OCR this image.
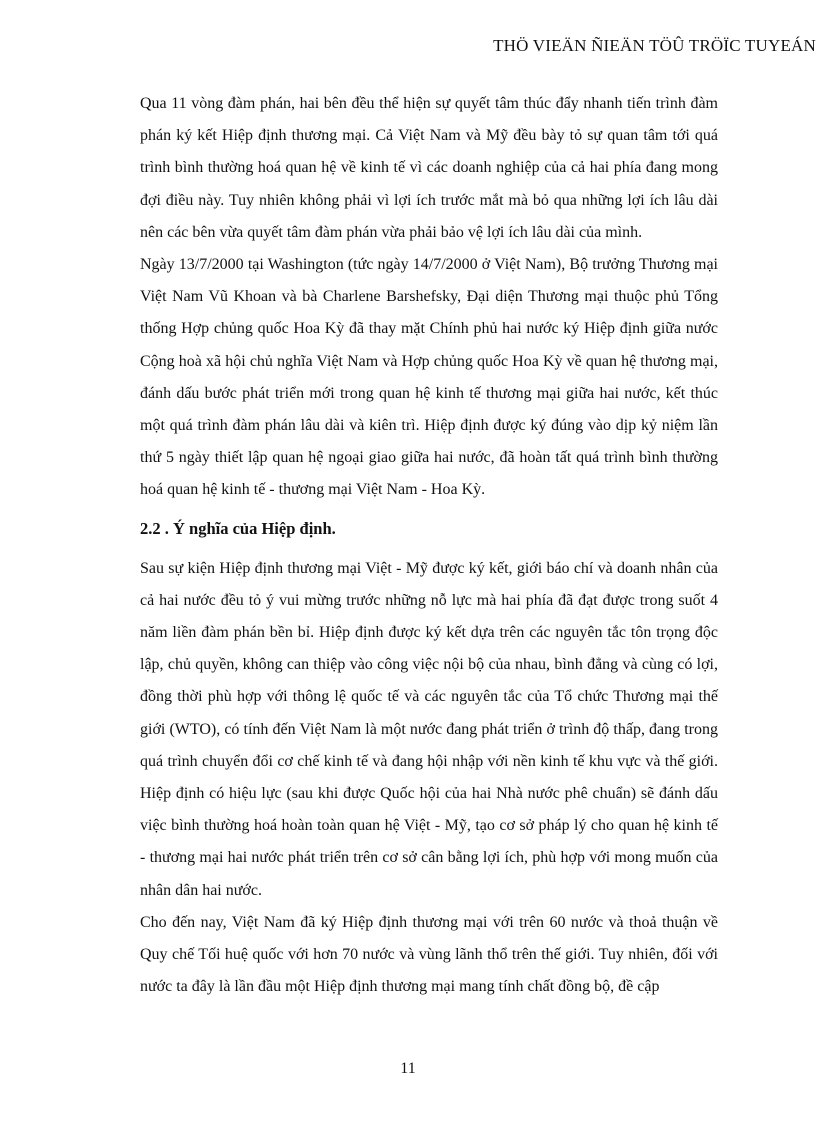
THÖ VIEÄN ÑIEÄN TÖÛ TRÖÏC TUYEÁN

Qua 11 vòng đàm phán, hai bên đều thể hiện sự quyết tâm thúc đẩy nhanh tiến trình đàm phán ký kết Hiệp định thương mại. Cả Việt Nam và Mỹ đều bày tỏ sự quan tâm tới quá trình bình thường hoá quan hệ về kinh tế vì các doanh nghiệp của cả hai phía đang mong đợi điều này. Tuy nhiên không phải vì lợi ích trước mắt mà bỏ qua những lợi ích lâu dài nên các bên vừa quyết tâm đàm phán vừa phải bảo vệ lợi ích lâu dài của mình.

Ngày 13/7/2000 tại Washington (tức ngày 14/7/2000 ở Việt Nam), Bộ trưởng Thương mại Việt Nam Vũ Khoan và bà Charlene Barshefsky, Đại diện Thương mại thuộc phủ Tổng thống Hợp chủng quốc Hoa Kỳ đã thay mặt Chính phủ hai nước ký Hiệp định giữa nước Cộng hoà xã hội chủ nghĩa Việt Nam và Hợp chủng quốc Hoa Kỳ về quan hệ thương mại, đánh dấu bước phát triển mới trong quan hệ kinh tế thương mại giữa hai nước, kết thúc một quá trình đàm phán lâu dài và kiên trì. Hiệp định được ký đúng vào dịp kỷ niệm lần thứ 5 ngày thiết lập quan hệ ngoại giao giữa hai nước, đã hoàn tất quá trình bình thường hoá quan hệ kinh tế - thương mại Việt Nam - Hoa Kỳ.

2.2 . Ý nghĩa của Hiệp định.

Sau sự kiện Hiệp định thương mại Việt - Mỹ được ký kết, giới báo chí và doanh nhân của cả hai nước đều tỏ ý vui mừng trước những nỗ lực mà hai phía đã đạt được trong suốt 4 năm liền đàm phán bền bỉ. Hiệp định được ký kết dựa trên các nguyên tắc tôn trọng độc lập, chủ quyền, không can thiệp vào công việc nội bộ của nhau, bình đẳng và cùng có lợi, đồng thời phù hợp với thông lệ quốc tế và các nguyên tắc của Tổ chức Thương mại thế giới (WTO), có tính đến Việt Nam là một nước đang phát triển ở trình độ thấp, đang trong quá trình chuyển đổi cơ chế kinh tế và đang hội nhập với nền kinh tế khu vực và thế giới. Hiệp định có hiệu lực (sau khi được Quốc hội của hai Nhà nước phê chuẩn) sẽ đánh dấu việc bình thường hoá hoàn toàn quan hệ Việt - Mỹ, tạo cơ sở pháp lý cho quan hệ kinh tế - thương mại hai nước phát triển trên cơ sở cân bằng lợi ích, phù hợp với mong muốn của nhân dân hai nước.

Cho đến nay, Việt Nam đã ký Hiệp định thương mại với trên 60 nước và thoả thuận về Quy chế Tối huệ quốc với hơn 70 nước và vùng lãnh thổ trên thế giới. Tuy nhiên, đối với nước ta đây là lần đầu một Hiệp định thương mại mang tính chất đồng bộ, đề cập

11
